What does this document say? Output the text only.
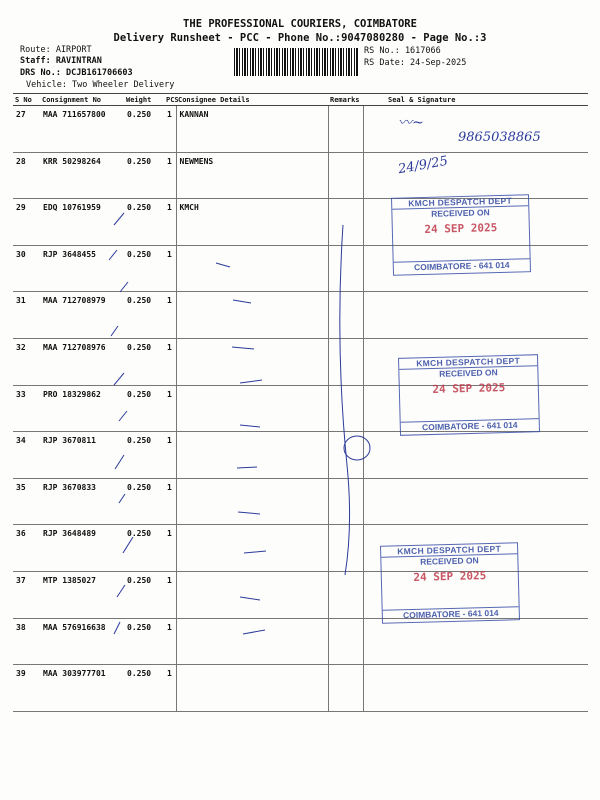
THE PROFESSIONAL COURIERS, COIMBATORE
Delivery Runsheet - PCC - Phone No.:9047080280 - Page No.:3
Route: AIRPORT
Staff: RAVINTRAN
DRS No.: DCJB161706603
Vehicle: Two Wheeler Delivery
RS No.: 1617066
RS Date: 24-Sep-2025
S No	Consignment No	Weight	PCS	Consignee Details	Remarks	Seal & Signature
27	MAA 711657800	0.250	1	KANNAN		
28	KRR 50298264	0.250	1	NEWMENS		
29	EDQ 10761959	0.250	1	KMCH		
30	RJP 3648455	0.250	1			
31	MAA 712708979	0.250	1			
32	MAA 712708976	0.250	1			
33	PRO 18329862	0.250	1			
34	RJP 3670811	0.250	1			
35	RJP 3670833	0.250	1			
36	RJP 3648489	0.250	1			
37	MTP 1385027	0.250	1			
38	MAA 576916638	0.250	1			
39	MAA 303977701	0.250	1			
〰~
9865038865
24/9/25
KMCH DESPATCH DEPT
RECEIVED ON
24 SEP 2025
COIMBATORE - 641 014
KMCH DESPATCH DEPT
RECEIVED ON
24 SEP 2025
COIMBATORE - 641 014
KMCH DESPATCH DEPT
RECEIVED ON
24 SEP 2025
COIMBATORE - 641 014
